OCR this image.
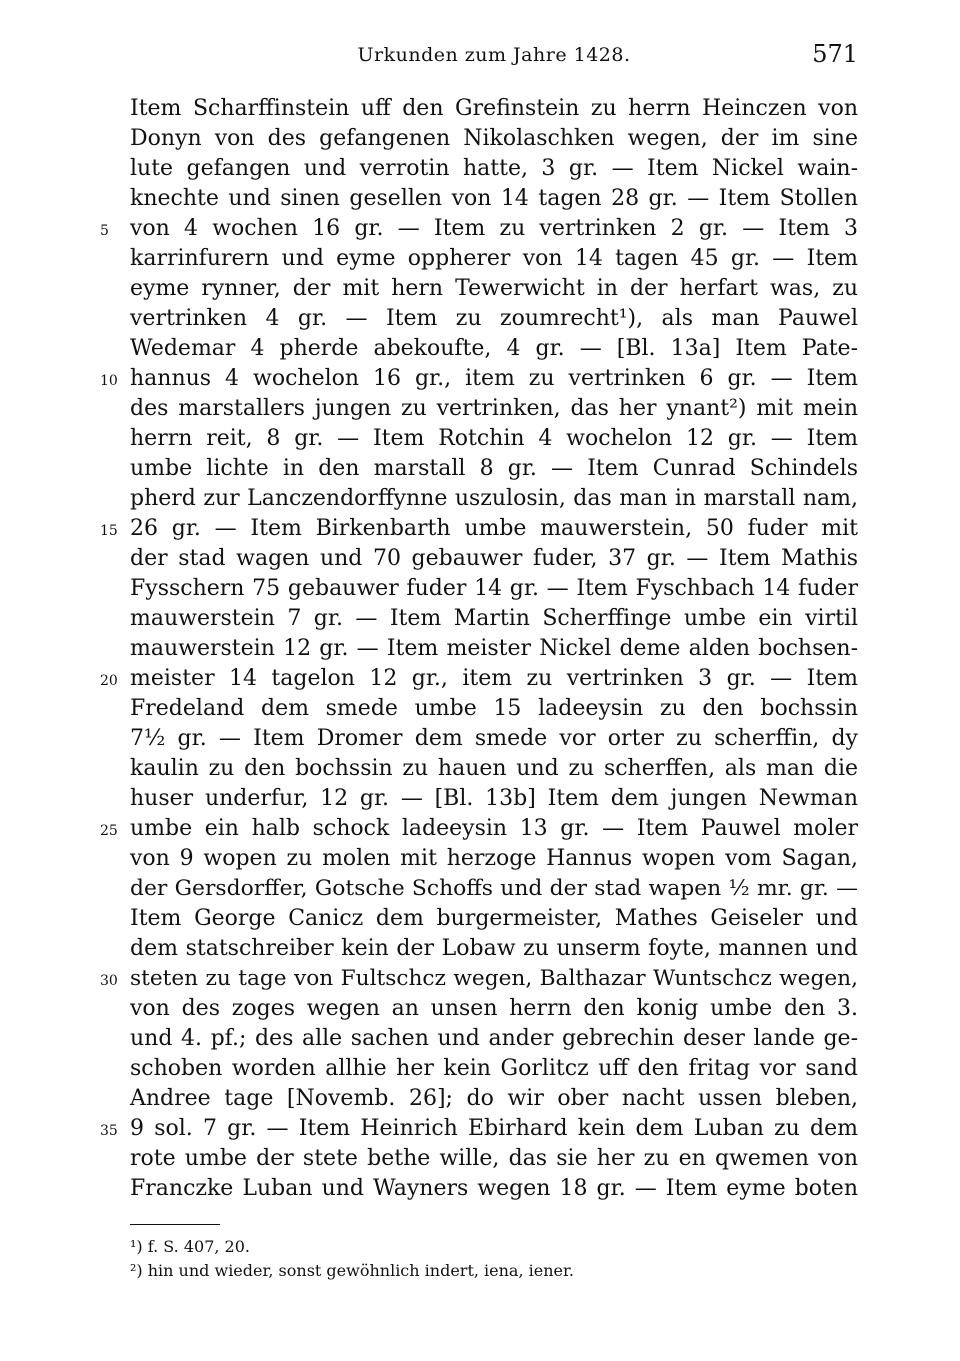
Urkunden zum Jahre 1428.	571
Item Scharffinstein uff den Grefinstein zu herrn Heinczen von
Donyn von des gefangenen Nikolaschken wegen, der im sine
lute gefangen und verrotin hatte, 3 gr. — Item Nickel wain-
knechte und sinen gesellen von 14 tagen 28 gr. — Item Stollen
von 4 wochen 16 gr. — Item zu vertrinken 2 gr. — Item 3
karrinfurern und eyme oppherer von 14 tagen 45 gr. — Item
eyme rynner, der mit hern Tewerwicht in der herfart was, zu
vertrinken 4 gr. — Item zu zoumrecht¹), als man Pauwel
Wedemar 4 pherde abekoufte, 4 gr. — [Bl. 13a] Item Pate-
hannus 4 wochelon 16 gr., item zu vertrinken 6 gr. — Item
des marstallers jungen zu vertrinken, das her ynant²) mit mein
herrn reit, 8 gr. — Item Rotchin 4 wochelon 12 gr. — Item
umbe lichte in den marstall 8 gr. — Item Cunrad Schindels
pherd zur Lanczendorffynne uszulosin, das man in marstall nam,
26 gr. — Item Birkenbarth umbe mauwerstein, 50 fuder mit
der stad wagen und 70 gebauwer fuder, 37 gr. — Item Mathis
Fysschern 75 gebauwer fuder 14 gr. — Item Fyschbach 14 fuder
mauwerstein 7 gr. — Item Martin Scherffinge umbe ein virtil
mauwerstein 12 gr. — Item meister Nickel deme alden bochsen-
meister 14 tagelon 12 gr., item zu vertrinken 3 gr. — Item
Fredeland dem smede umbe 15 ladeeysin zu den bochssin
7½ gr. — Item Dromer dem smede vor orter zu scherffin, dy
kaulin zu den bochssin zu hauen und zu scherffen, als man die
huser underfur, 12 gr. — [Bl. 13b] Item dem jungen Newman
umbe ein halb schock ladeeysin 13 gr. — Item Pauwel moler
von 9 wopen zu molen mit herzoge Hannus wopen vom Sagan,
der Gersdorffer, Gotsche Schoffs und der stad wapen ½ mr. gr. —
Item George Canicz dem burgermeister, Mathes Geiseler und
dem statschreiber kein der Lobaw zu unserm foyte, mannen und
steten zu tage von Fultschcz wegen, Balthazar Wuntschcz wegen,
von des zoges wegen an unsen herrn den konig umbe den 3.
und 4. pf.; des alle sachen und ander gebrechin deser lande ge-
schoben worden allhie her kein Gorlitcz uff den fritag vor sand
Andree tage [Novemb. 26]; do wir ober nacht ussen bleben,
9 sol. 7 gr. — Item Heinrich Ebirhard kein dem Luban zu dem
rote umbe der stete bethe wille, das sie her zu en qwemen von
Franczke Luban und Wayners wegen 18 gr. — Item eyme boten
5
10
15
20
25
30
35
¹) f. S. 407, 20.
²) hin und wieder, sonst gewöhnlich indert, iena, iener.
